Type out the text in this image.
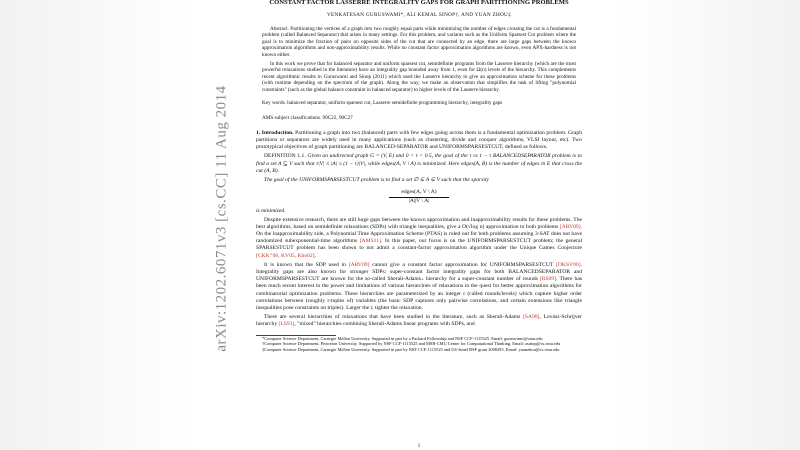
arXiv:1202.6071v3 [cs.CC] 11 Aug 2014
CONSTANT FACTOR LASSERRE INTEGRALITY GAPS FOR GRAPH PARTITIONING PROBLEMS
VENKATESAN GURUSWAMI*, ALI KEMAL SINOP†, AND YUAN ZHOU‡

Abstract. Partitioning the vertices of a graph into two roughly equal parts while minimizing the number of edges crossing the cut is a fundamental problem (called Balanced Separator) that arises in many settings. For this problem, and variants such as the Uniform Sparsest Cut problem where the goal is to minimize the fraction of pairs on opposite sides of the cut that are connected by an edge, there are large gaps between the known approximation algorithms and non-approximability results. While no constant factor approximation algorithms are known, even APX-hardness is not known either.

In this work we prove that for balanced separator and uniform sparsest cut, semidefinite programs from the Lasserre hierarchy (which are the most powerful relaxations studied in the literature) have an integrality gap bounded away from 1, even for Ω(n) levels of the hierarchy. This complements recent algorithmic results in Guruswami and Sinop (2011) which used the Lasserre hierarchy to give an approximation scheme for these problems (with runtime depending on the spectrum of the graph). Along the way, we make an observation that simplifies the task of lifting "polynomial constraints" (such as the global balance constraint in balanced separator) to higher levels of the Lasserre hierarchy.

Key words. balanced separator, uniform sparsest cut, Lasserre semidefinite programming hierarchy, integrality gaps
AMS subject classifications. 90C22, 90C27
1. Introduction. Partitioning a graph into two (balanced) parts with few edges going across them is a fundamental optimization problem. Graph partitions or separators are widely used in many applications (such as clustering, divide and conquer algorithms, VLSI layout, etc). Two prototypical objectives of graph partitioning are BALANCED-SEPARATOR and UNIFORMSPARSESTCUT, defined as follows.
DEFINITION 1.1. Given an undirected graph G = (V, E) and 0 < τ < 0.5, the goal of the τ vs 1 − τ BALANCEDSEPARATOR problem is to find a set A ⊆ V such that τ|V| ≤ |A| ≤ (1 − τ)|V|, while edges(A, V \ A) is minimized. Here edges(A, B) is the number of edges in E that cross the cut (A, B).
The goal of the UNIFORMSPARSESTCUT problem is to find a set ∅ ⊊ A ⊊ V such that the sparsity
edges(A, V \ A)
|A||V \ A|
is minimized.

Despite extensive research, there are still huge gaps between the known approximation and inapproximability results for these problems. The best algorithms, based on semidefinite relaxations (SDPs) with triangle inequalities, give a O(√log n) approximation to both problems [ARV09]. On the inapproximability side, a Polynomial Time Approximation Scheme (PTAS) is ruled out for both problems assuming 3-SAT does not have randomized subexponential-time algorithms [AMS11]. In this paper, our focus is on the UNIFORMSPARSESTCUT problem; the general SPARSESTCUT problem has been shown to not admit a constant-factor approximation algorithm under the Unique Games Conjecture [CKK⁺06, KV05, Kho02].

It is known that the SDP used in [ARV09] cannot give a constant factor approximation for UNIFORMSPARSESTCUT [DKSV06]. Integrality gaps are also known for stronger SDPs: super-constant factor integrality gaps for both BALANCEDSEPARATOR and UNIFORMSPARSESTCUT are known for the so-called Sherali-Adams₊ hierarchy for a super-constant number of rounds [RS09]. There has been much recent interest in the power and limitations of various hierarchies of relaxations in the quest for better approximation algorithms for combinatorial optimization problems. These hierarchies are parameterized by an integer r (called rounds/levels) which capture higher order correlations between (roughly r-tuples of) variables (the basic SDP captures only pairwise correlations, and certain extensions like triangle inequalities pose constraints on triples). Larger the r, tighter the relaxation.

There are several hierarchies of relaxations that have been studied in the literature, such as Sherali-Adams [SA90], Lovász-Schrijver hierarchy [LS91], "mixed" hierarchies combining Sherali-Adams linear programs with SDPs, and

*Computer Science Department, Carnegie Mellon University. Supported in part by a Packard Fellowship and NSF CCF-1115525. Email: guruswami@cmu.edu

†Computer Science Department, Princeton University. Supported by NSF CCF-1115525 and MSR-CMU Center for Computational Thinking. Email: asinop@cs.cmu.edu

‡Computer Science Department, Carnegie Mellon University. Supported in part by NSF CCF-1115525 and US-Israel BSF grant 2008293. Email: yuanzhou@cs.cmu.edu

1
